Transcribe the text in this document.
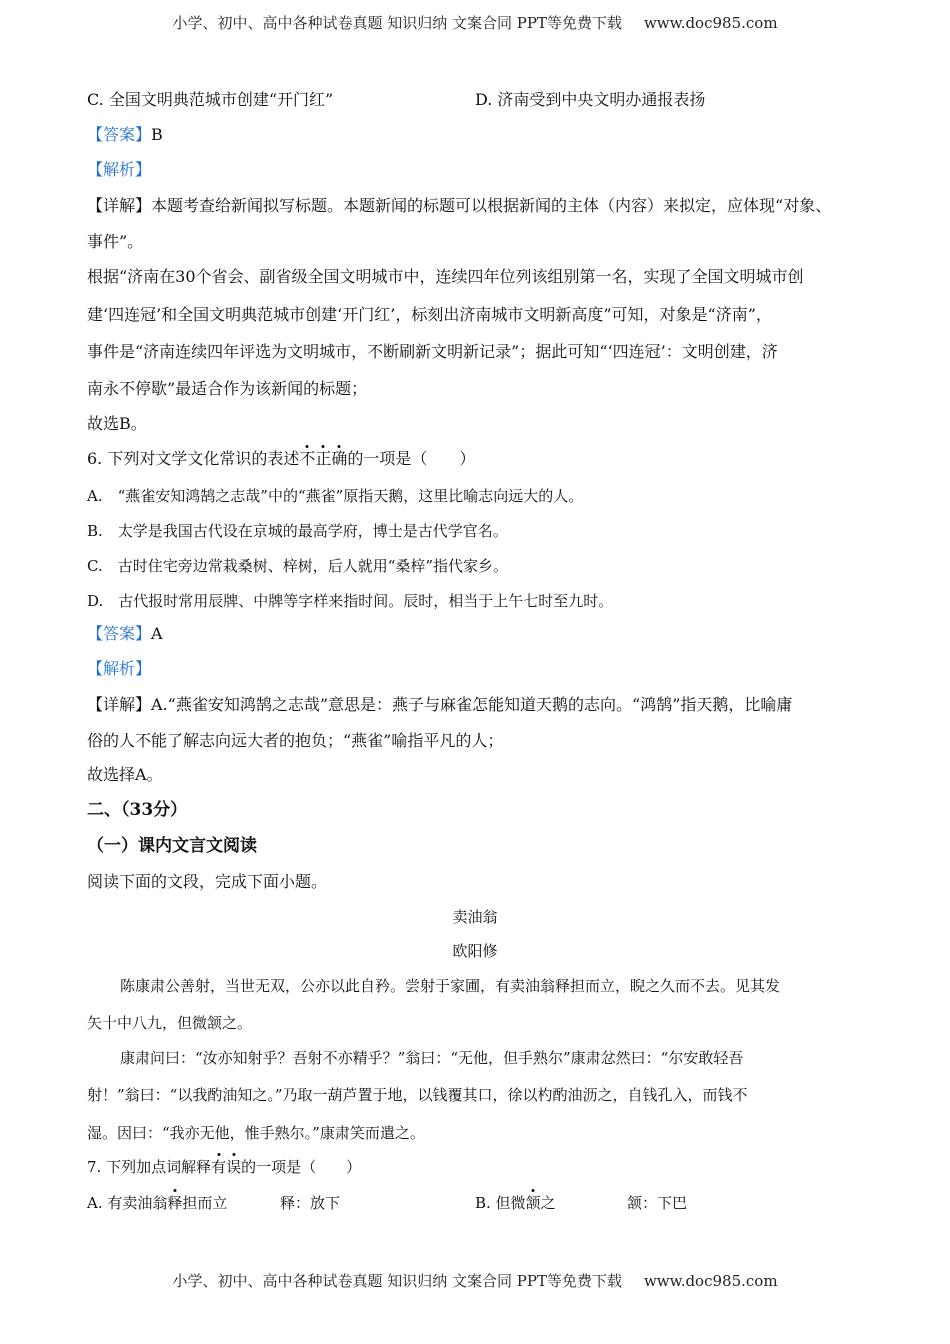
小学、初中、高中各种试卷真题 知识归纳 文案合同 PPT等免费下载 www.doc985.com
C. 全国文明典范城市创建“开门红”	D. 济南受到中央文明办通报表扬
【答案】B
【解析】
【详解】本题考查给新闻拟写标题。本题新闻的标题可以根据新闻的主体（内容）来拟定，应体现“对象、
事件”。
根据“济南在30个省会、副省级全国文明城市中，连续四年位列该组别第一名，实现了全国文明城市创
建‘四连冠’和全国文明典范城市创建‘开门红’，标刻出济南城市文明新高度”可知，对象是“济南”，
事件是“济南连续四年评选为文明城市，不断刷新文明新记录”；据此可知“‘四连冠’：文明创建，济
南永不停歇”最适合作为该新闻的标题；
故选B。
6. 下列对文学文化常识的表述不正确的一项是（　　）
A.　“燕雀安知鸿鹄之志哉”中的“燕雀”原指天鹅，这里比喻志向远大的人。
B.　太学是我国古代设在京城的最高学府，博士是古代学官名。
C.　古时住宅旁边常栽桑树、梓树，后人就用“桑梓”指代家乡。
D.　古代报时常用辰牌、中牌等字样来指时间。辰时，相当于上午七时至九时。
【答案】A
【解析】
【详解】A.“燕雀安知鸿鹄之志哉”意思是：燕子与麻雀怎能知道天鹅的志向。“鸿鹄”指天鹅，比喻庸
俗的人不能了解志向远大者的抱负；“燕雀”喻指平凡的人；
故选择A。
二、（33分）
（一）课内文言文阅读
阅读下面的文段，完成下面小题。
卖油翁
欧阳修
陈康肃公善射，当世无双，公亦以此自矜。尝射于家圃，有卖油翁释担而立，睨之久而不去。见其发
矢十中八九，但微颔之。
康肃问曰：“汝亦知射乎？吾射不亦精乎？”翁曰：“无他，但手熟尔”康肃忿然曰：“尔安敢轻吾
射！”翁曰：“以我酌油知之。”乃取一葫芦置于地，以钱覆其口，徐以杓酌油沥之，自钱孔入，而钱不
湿。因曰：“我亦无他，惟手熟尔。”康肃笑而遣之。
7. 下列加点词解释有误的一项是（　　）
A. 有卖油翁释担而立	释：放下	B. 但微颔之	颔：下巴
小学、初中、高中各种试卷真题 知识归纳 文案合同 PPT等免费下载 www.doc985.com
